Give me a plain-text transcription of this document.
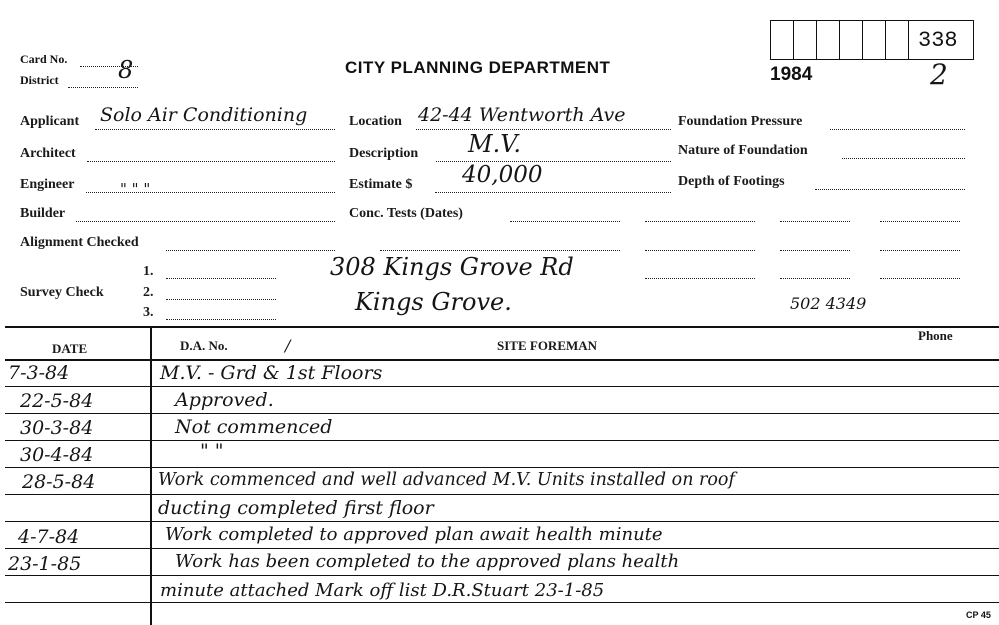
Card No.
District 8	CITY PLANNING DEPARTMENT
338
1984	2
Applicant Solo Air Conditioning
Architect
Engineer	" " "
Builder
Alignment Checked
Survey Check
1.
2.
3.
Location 42-44 Wentworth Ave
Description M.V.
Estimate $ 40,000
Conc. Tests (Dates)
308 Kings Grove Rd
Kings Grove.	502 4349
Foundation Pressure
Nature of Foundation
Depth of Footings
DATE	D.A. No.	/	SITE FOREMAN
Phone
7-3-84	M.V. - Grd & 1st Floors
22-5-84	Approved.
30-3-84	Not commenced
30-4-84	" "
28-5-84	Work commenced and well advanced M.V. Units installed on roof
ducting completed first floor
4-7-84	Work completed to approved plan await health minute
23-1-85	Work has been completed to the approved plans health
minute attached Mark off list D.R.Stuart 23-1-85
CP 45
